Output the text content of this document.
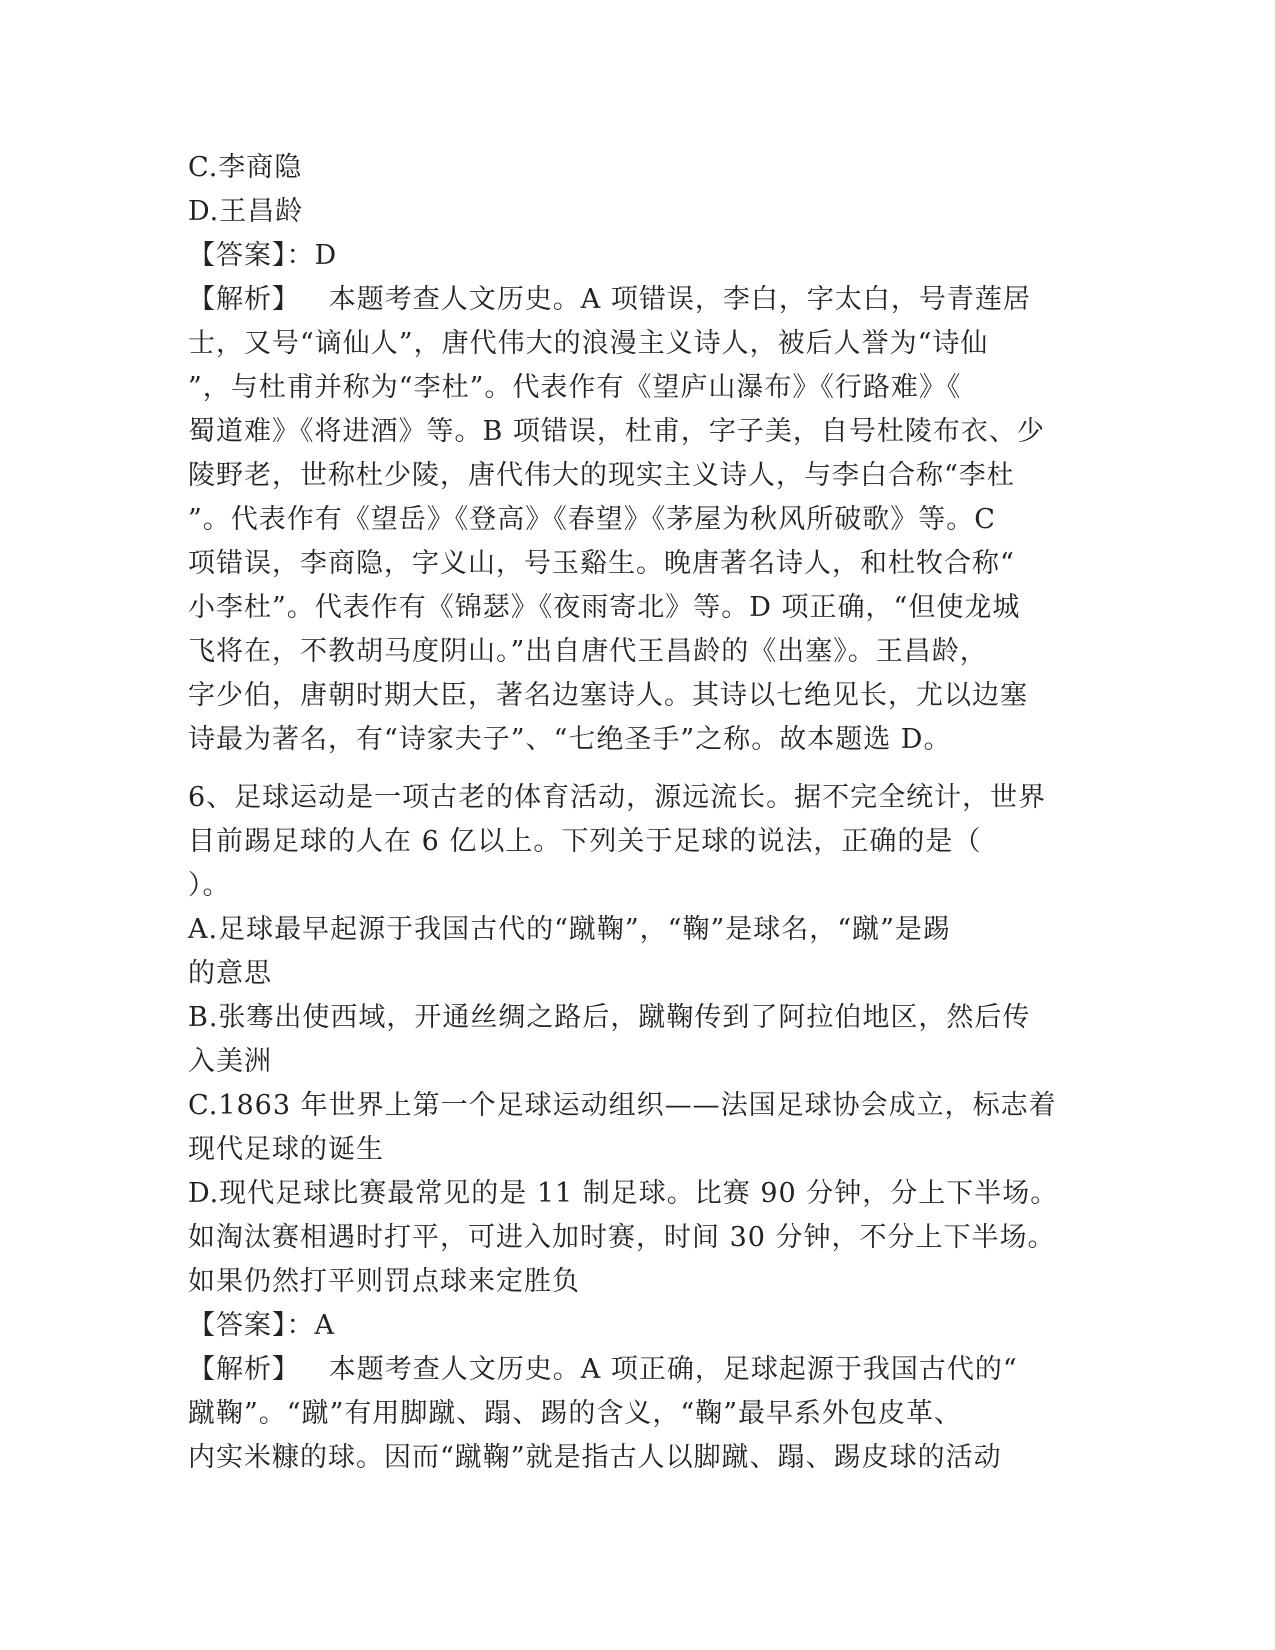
C.李商隐
D.王昌龄
【答案】：D
【解析】   本题考查人文历史。A 项错误，李白，字太白，号青莲居
士，又号“谪仙人”，唐代伟大的浪漫主义诗人，被后人誉为“诗仙
”，与杜甫并称为“李杜”。代表作有《望庐山瀑布》《行路难》《
蜀道难》《将进酒》等。B 项错误，杜甫，字子美，自号杜陵布衣、少
陵野老，世称杜少陵，唐代伟大的现实主义诗人，与李白合称“李杜
”。代表作有《望岳》《登高》《春望》《茅屋为秋风所破歌》等。C
项错误，李商隐，字义山，号玉谿生。晚唐著名诗人，和杜牧合称“
小李杜”。代表作有《锦瑟》《夜雨寄北》等。D 项正确，“但使龙城
飞将在，不教胡马度阴山。”出自唐代王昌龄的《出塞》。王昌龄，
字少伯，唐朝时期大臣，著名边塞诗人。其诗以七绝见长，尤以边塞
诗最为著名，有“诗家夫子”、“七绝圣手”之称。故本题选 D。
6、足球运动是一项古老的体育活动，源远流长。据不完全统计，世界
目前踢足球的人在 6 亿以上。下列关于足球的说法，正确的是（
）。
A.足球最早起源于我国古代的“蹴鞠”，“鞠”是球名，“蹴”是踢
的意思
B.张骞出使西域，开通丝绸之路后，蹴鞠传到了阿拉伯地区，然后传
入美洲
C.1863 年世界上第一个足球运动组织——法国足球协会成立，标志着
现代足球的诞生
D.现代足球比赛最常见的是 11 制足球。比赛 90 分钟，分上下半场。
如淘汰赛相遇时打平，可进入加时赛，时间 30 分钟，不分上下半场。
如果仍然打平则罚点球来定胜负
【答案】：A
【解析】   本题考查人文历史。A 项正确，足球起源于我国古代的“
蹴鞠”。“蹴”有用脚蹴、蹋、踢的含义，“鞠”最早系外包皮革、
内实米糠的球。因而“蹴鞠”就是指古人以脚蹴、蹋、踢皮球的活动
